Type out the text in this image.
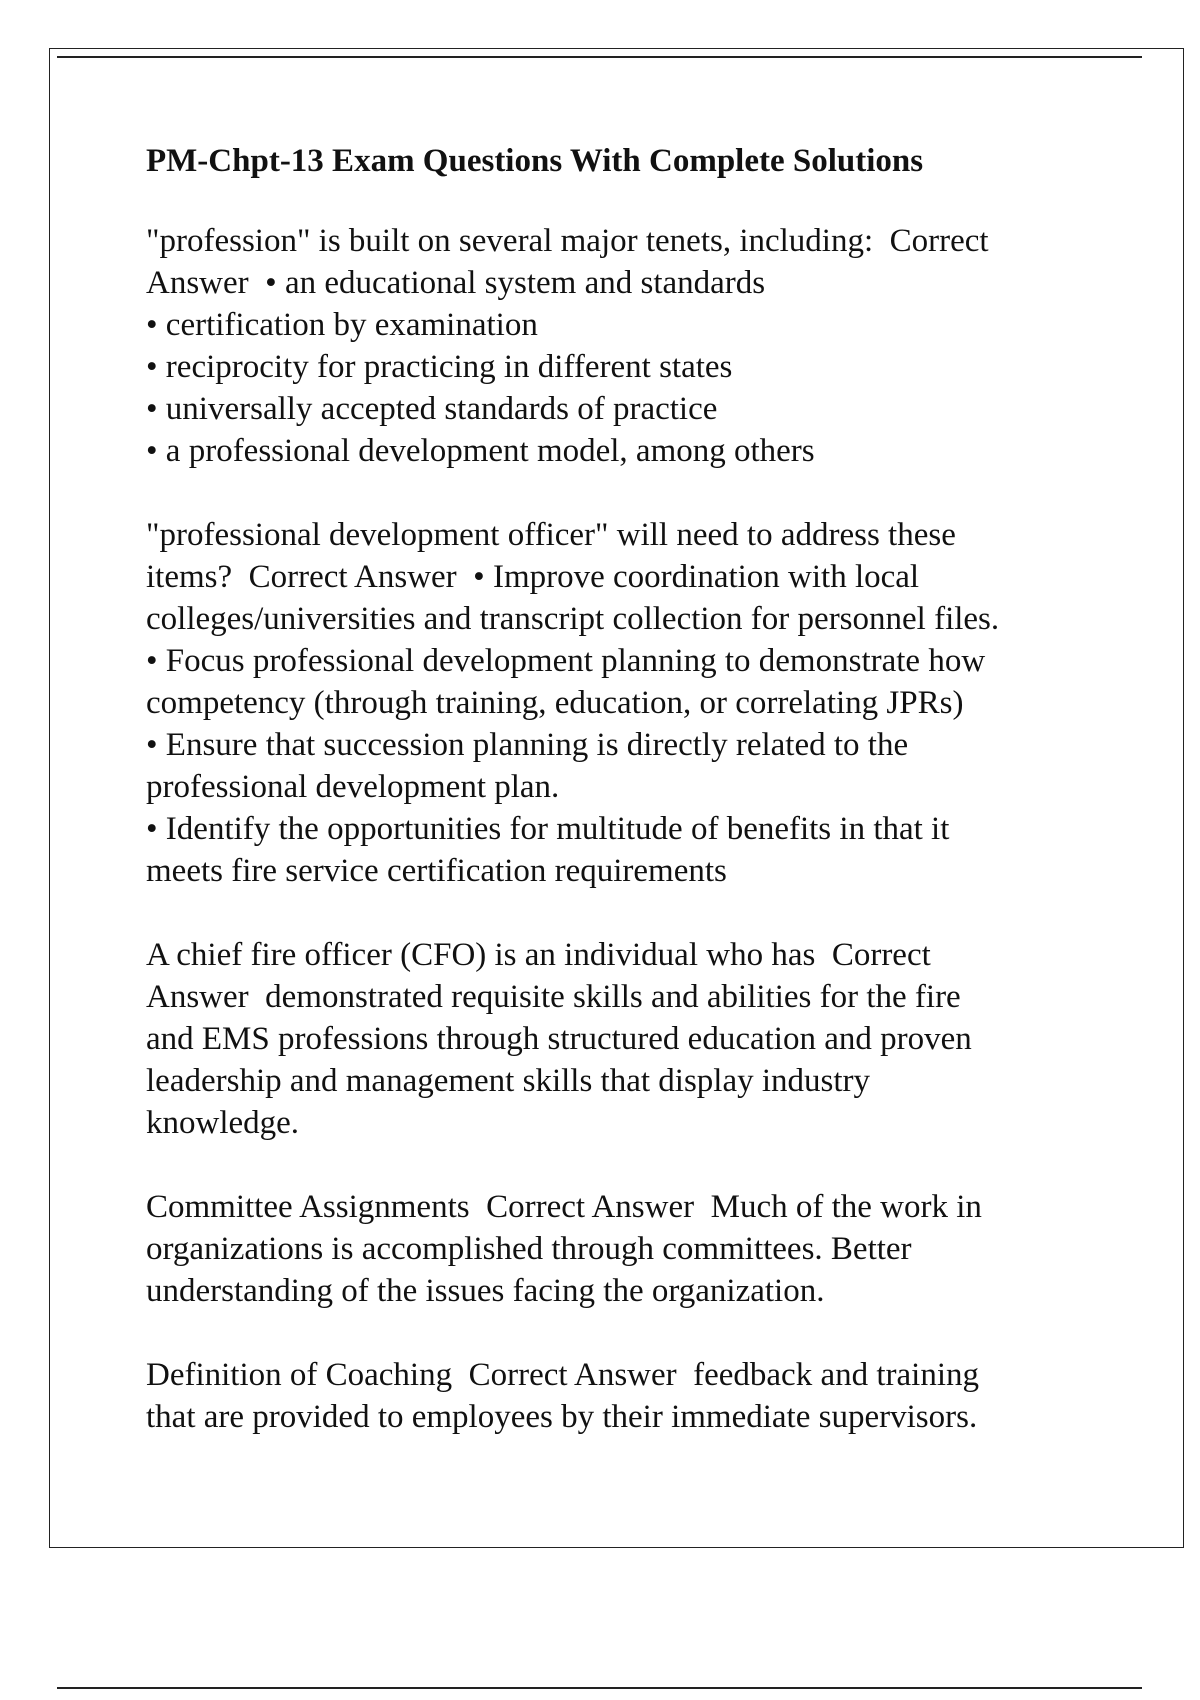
PM-Chpt-13 Exam Questions With Complete Solutions
"profession" is built on several major tenets, including:  Correct
Answer  • an educational system and standards
• certification by examination
• reciprocity for practicing in different states
• universally accepted standards of practice
• a professional development model, among others
"professional development officer" will need to address these
items?  Correct Answer  • Improve coordination with local
colleges/universities and transcript collection for personnel files.
• Focus professional development planning to demonstrate how
competency (through training, education, or correlating JPRs)
• Ensure that succession planning is directly related to the
professional development plan.
• Identify the opportunities for multitude of benefits in that it
meets fire service certification requirements
A chief fire officer (CFO) is an individual who has  Correct
Answer  demonstrated requisite skills and abilities for the fire
and EMS professions through structured education and proven
leadership and management skills that display industry
knowledge.
Committee Assignments  Correct Answer  Much of the work in
organizations is accomplished through committees. Better
understanding of the issues facing the organization.
Definition of Coaching  Correct Answer  feedback and training
that are provided to employees by their immediate supervisors.
